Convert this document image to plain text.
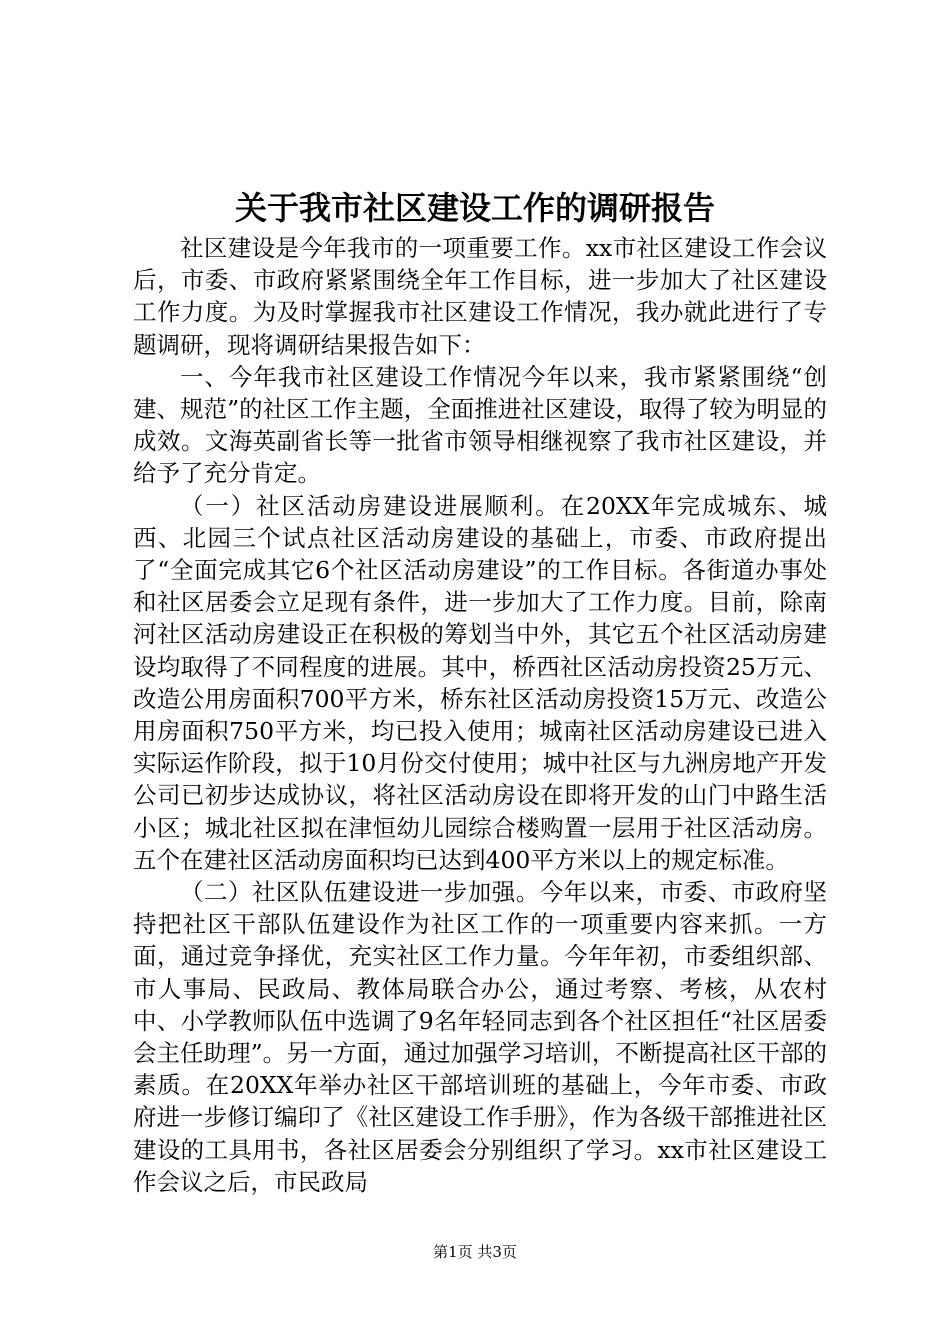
关于我市社区建设工作的调研报告

社区建设是今年我市的一项重要工作。xx市社区建设工作会议后，市委、市政府紧紧围绕全年工作目标，进一步加大了社区建设工作力度。为及时掌握我市社区建设工作情况，我办就此进行了专题调研，现将调研结果报告如下：

一、今年我市社区建设工作情况今年以来，我市紧紧围绕“创建、规范”的社区工作主题，全面推进社区建设，取得了较为明显的成效。文海英副省长等一批省市领导相继视察了我市社区建设，并给予了充分肯定。

（一）社区活动房建设进展顺利。在20XX年完成城东、城西、北园三个试点社区活动房建设的基础上，市委、市政府提出了“全面完成其它6个社区活动房建设”的工作目标。各街道办事处和社区居委会立足现有条件，进一步加大了工作力度。目前，除南河社区活动房建设正在积极的筹划当中外，其它五个社区活动房建设均取得了不同程度的进展。其中，桥西社区活动房投资25万元、改造公用房面积700平方米，桥东社区活动房投资15万元、改造公用房面积750平方米，均已投入使用；城南社区活动房建设已进入实际运作阶段，拟于10月份交付使用；城中社区与九洲房地产开发公司已初步达成协议，将社区活动房设在即将开发的山门中路生活小区；城北社区拟在津恒幼儿园综合楼购置一层用于社区活动房。五个在建社区活动房面积均已达到400平方米以上的规定标准。

（二）社区队伍建设进一步加强。今年以来，市委、市政府坚持把社区干部队伍建设作为社区工作的一项重要内容来抓。一方面，通过竞争择优，充实社区工作力量。今年年初，市委组织部、市人事局、民政局、教体局联合办公，通过考察、考核，从农村中、小学教师队伍中选调了9名年轻同志到各个社区担任“社区居委会主任助理”。另一方面，通过加强学习培训，不断提高社区干部的素质。在20XX年举办社区干部培训班的基础上，今年市委、市政府进一步修订编印了《社区建设工作手册》，作为各级干部推进社区建设的工具用书，各社区居委会分别组织了学习。xx市社区建设工作会议之后，市民政局

第1页 共3页
